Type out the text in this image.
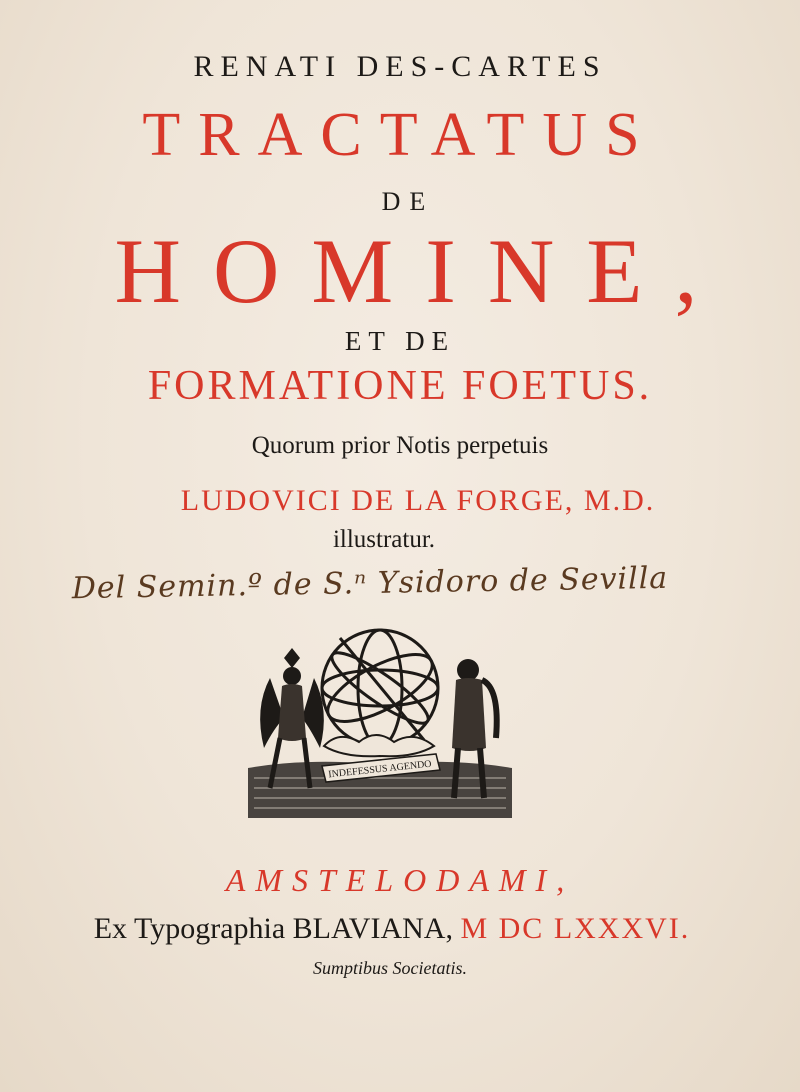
RENATI DES-CARTES
TRACTATUS
DE
HOMINE,
ET DE
FORMATIONE FOETUS.
Quorum prior Notis perpetuis
LUDOVICI DE LA FORGE, M.D.
illustratur.
Del Semin.º de S.ⁿ Ysidoro de Sevilla
INDEFESSUS AGENDO
AMSTELODAMI,
Ex Typographia BLAVIANA, M DC LXXXVI.
Sumptibus Societatis.
